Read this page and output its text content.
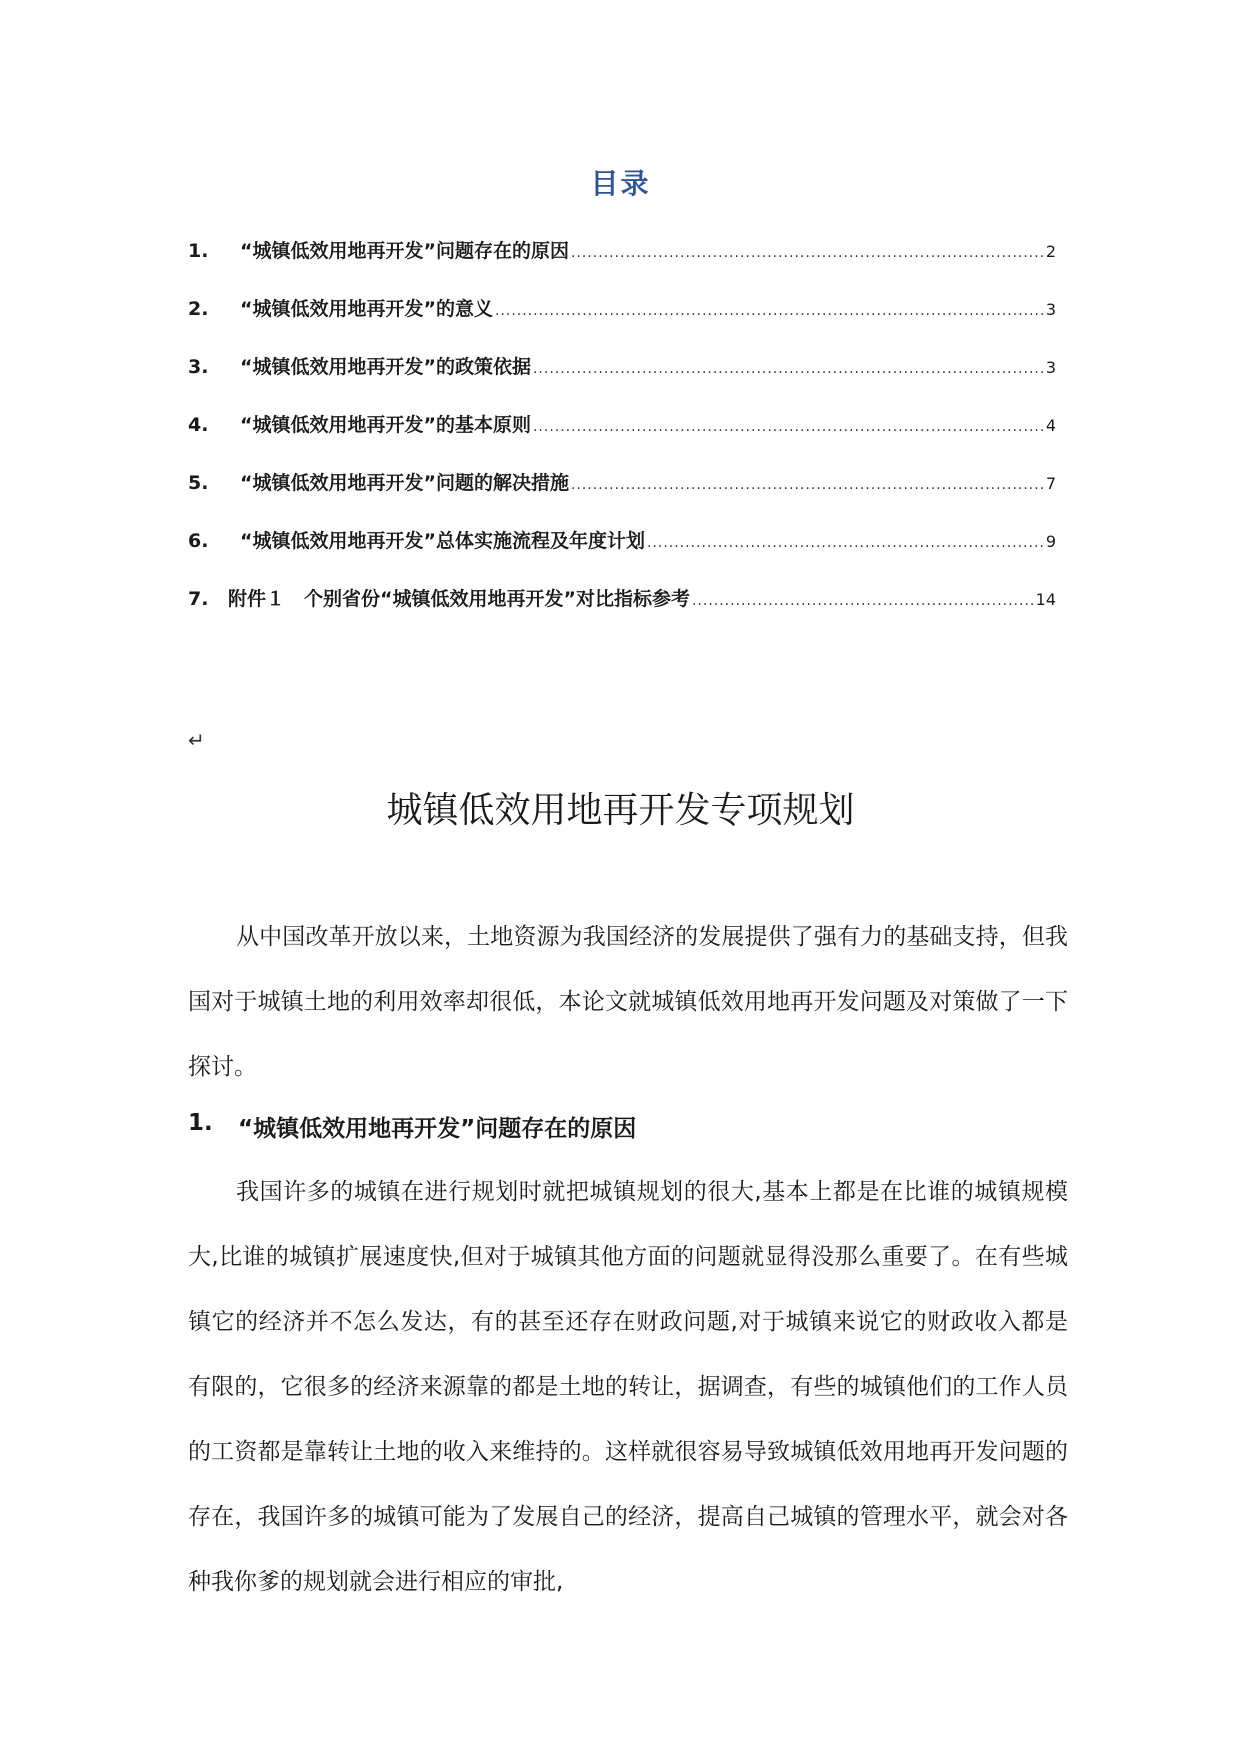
目录
1.	“城镇低效用地再开发”问题存在的原因 .....	2
2.	“城镇低效用地再开发”的意义 .....	3
3.	“城镇低效用地再开发”的政策依据 .....	3
4.	“城镇低效用地再开发”的基本原则 .....	4
5.	“城镇低效用地再开发”问题的解决措施 .....	7
6.	“城镇低效用地再开发”总体实施流程及年度计划 .....	9
7.	附件１　个别省份“城镇低效用地再开发”对比指标参考 .....	14
↵
城镇低效用地再开发专项规划
从中国改革开放以来，土地资源为我国经济的发展提供了强有力的基础支持，但我国对于城镇土地的利用效率却很低，本论文就城镇低效用地再开发问题及对策做了一下探讨。
1.	“城镇低效用地再开发”问题存在的原因
我国许多的城镇在进行规划时就把城镇规划的很大,基本上都是在比谁的城镇规模大,比谁的城镇扩展速度快,但对于城镇其他方面的问题就显得没那么重要了。在有些城镇它的经济并不怎么发达，有的甚至还存在财政问题,对于城镇来说它的财政收入都是有限的，它很多的经济来源靠的都是土地的转让，据调查，有些的城镇他们的工作人员的工资都是靠转让土地的收入来维持的。这样就很容易导致城镇低效用地再开发问题的存在，我国许多的城镇可能为了发展自己的经济，提高自己城镇的管理水平，就会对各种我你爹的规划就会进行相应的审批,
